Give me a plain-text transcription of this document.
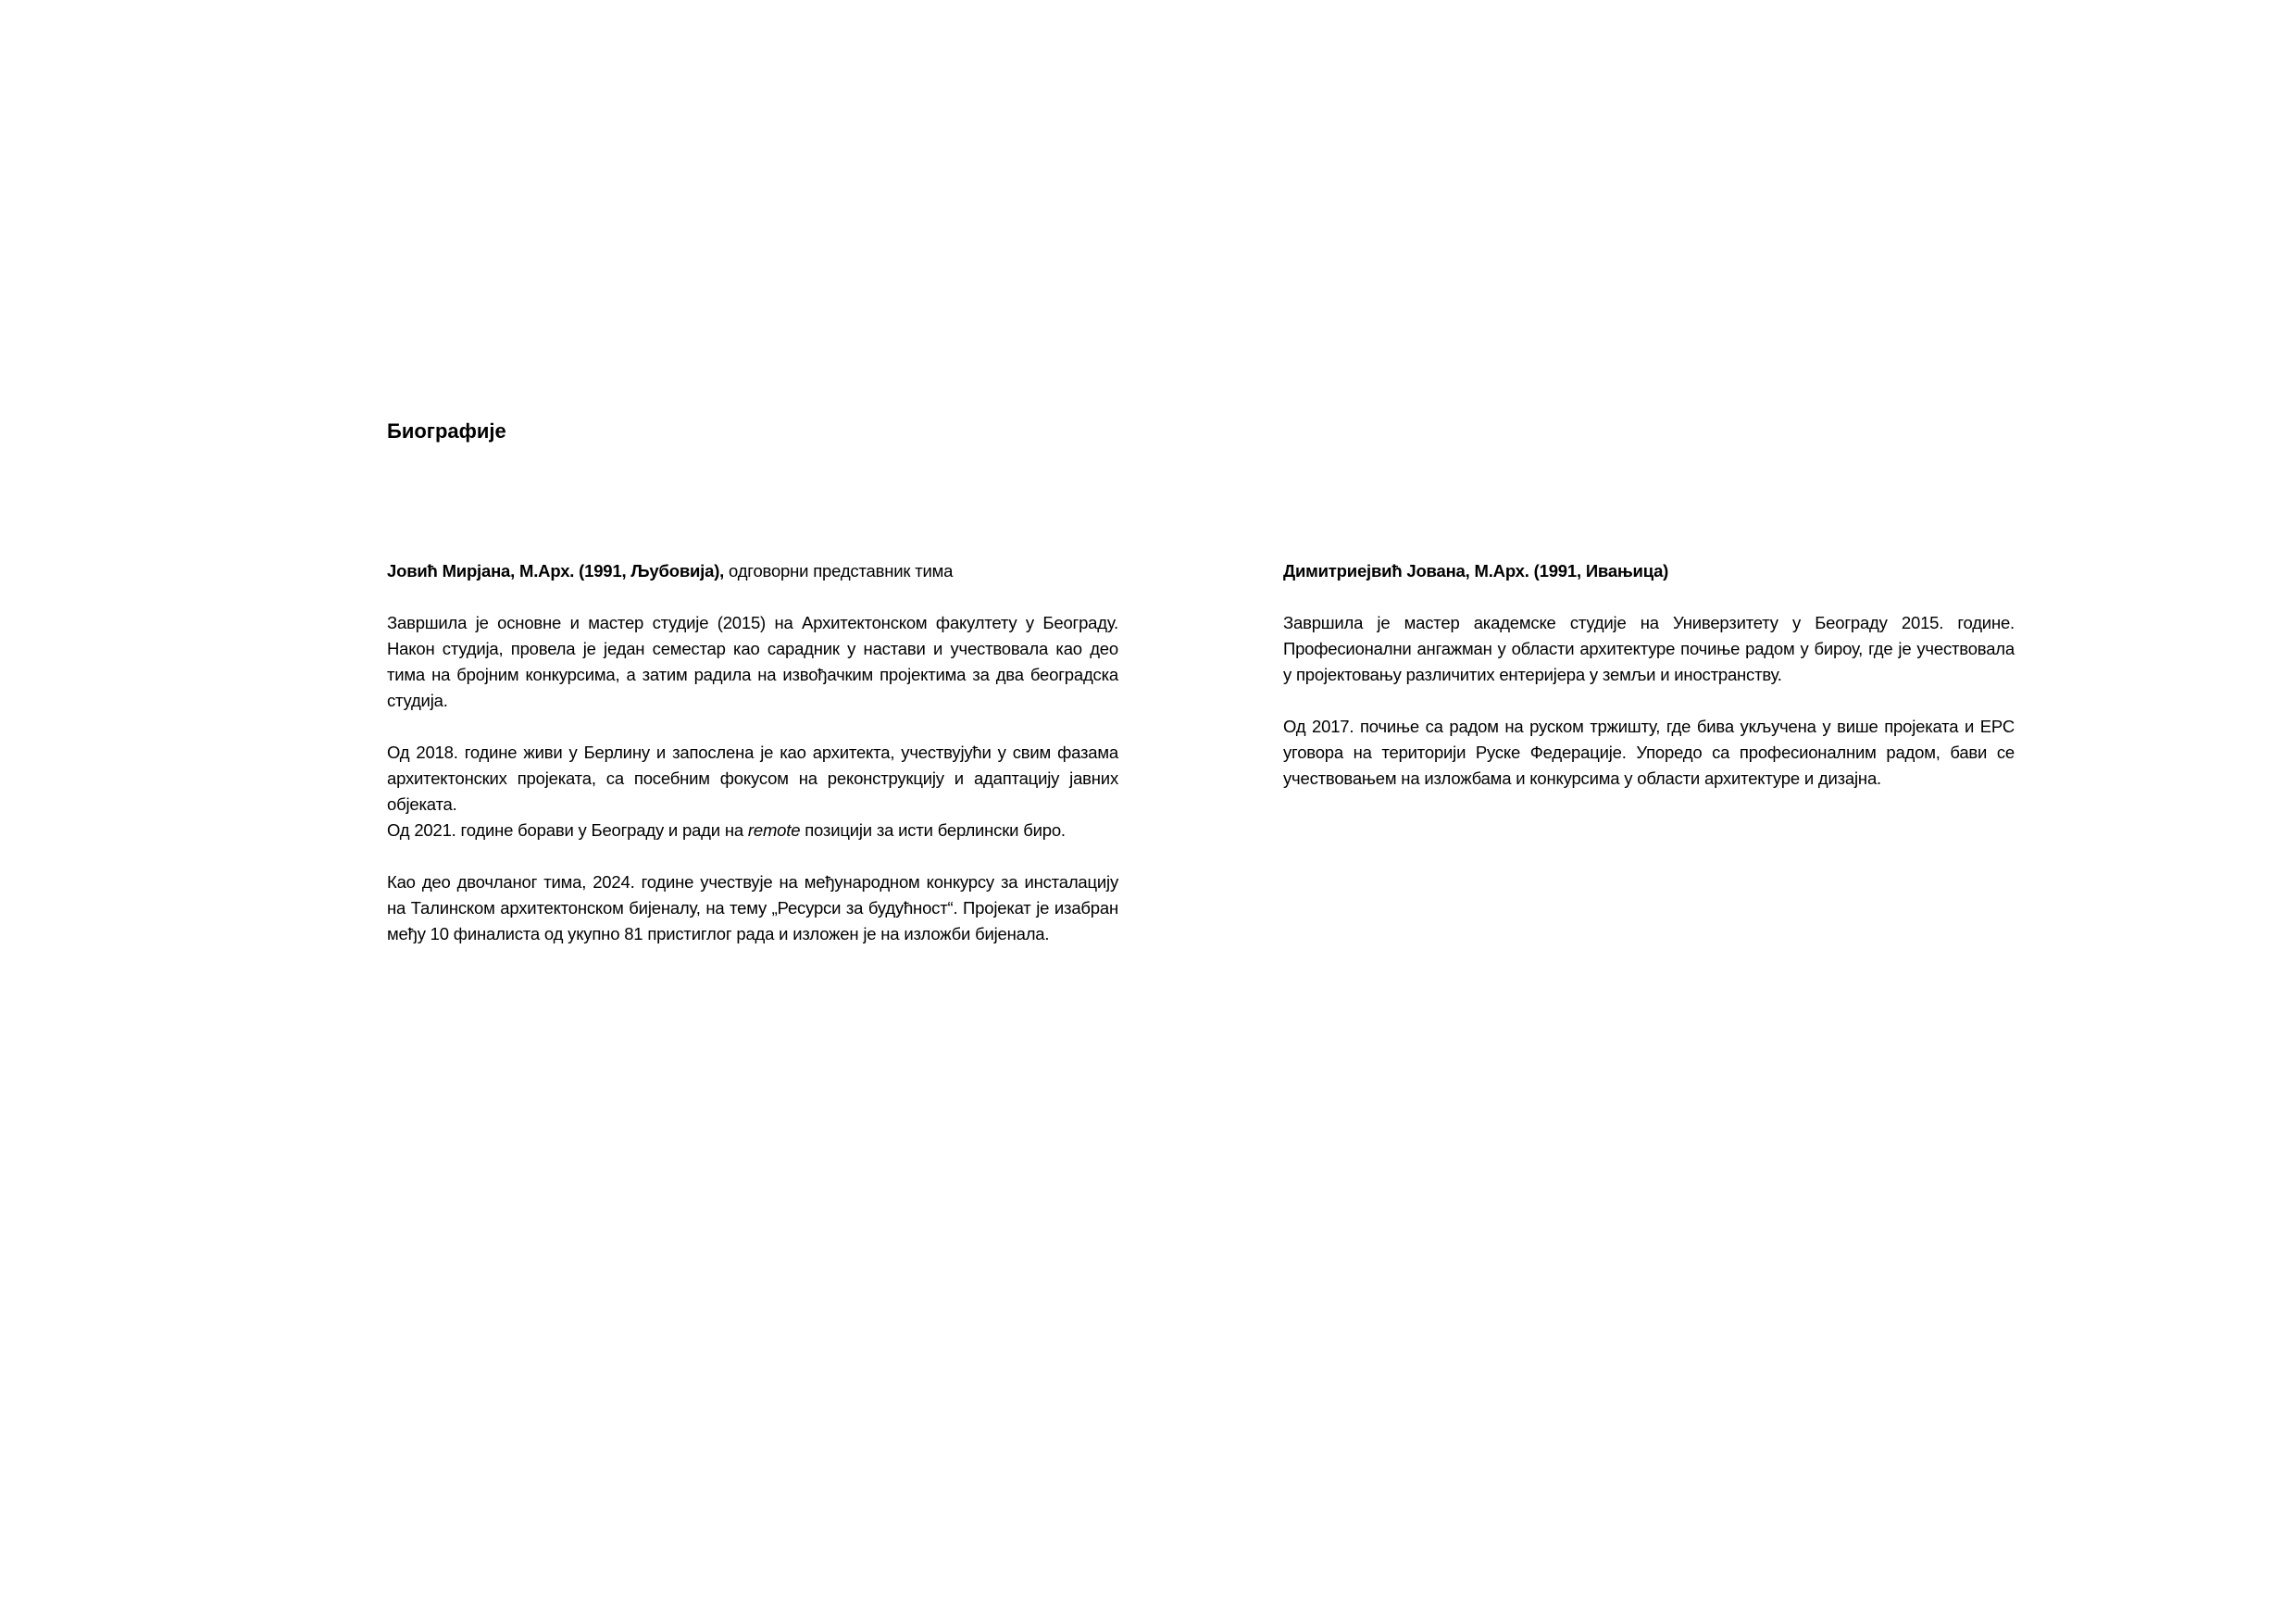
Биографије

Јовић Мирјана, М.Арх. (1991, Љубовија), одговорни представник тима

Завршила је основне и мастер студије (2015) на Архитектонском факултету у Београду. Након студија, провела је један семестар као сарадник у настави и учествовала као део тима на бројним конкурсима, а затим радила на извођачким пројектима за два београдска студија.

Од 2018. године живи у Берлину и запослена је као архитекта, учествујући у свим фазама архитектонских пројеката, са посебним фокусом на реконструкцију и адаптацију јавних објеката.

Од 2021. године борави у Београду и ради на remote позицији за исти берлински биро.

Као део двочланог тима, 2024. године учествује на међународном конкурсу за инсталацију на Талинском архитектонском бијеналу, на тему „Ресурси за будућност“. Пројекат је изабран међу 10 финалиста од укупно 81 пристиглог рада и изложен је на изложби бијенала.

Димитриејвић Јована, М.Арх. (1991, Ивањица)

Завршила је мастер академске студије на Универзитету у Београду 2015. године. Професионални ангажман у области архитектуре почиње радом у бироу, где је учествовала у пројектовању различитих ентеријера у земљи и иностранству.

Од 2017. почиње са радом на руском тржишту, где бива укључена у више пројеката и ЕРС уговора на територији Руске Федерације. Упоредо са професионалним радом, бави се учествовањем на изложбама и конкурсима у области архитектуре и дизајна.
